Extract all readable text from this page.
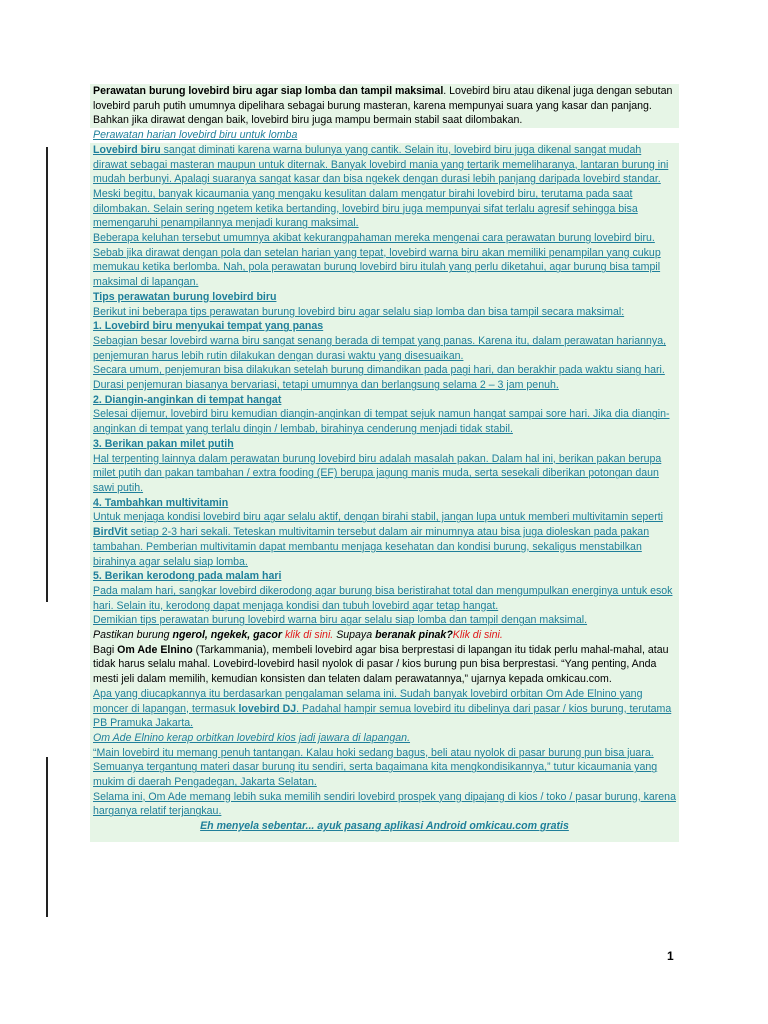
Perawatan burung lovebird biru agar siap lomba dan tampil maksimal. Lovebird biru atau dikenal juga dengan sebutan lovebird paruh putih umumnya dipelihara sebagai burung masteran, karena mempunyai suara yang kasar dan panjang. Bahkan jika dirawat dengan baik, lovebird biru juga mampu bermain stabil saat dilombakan.

Perawatan harian lovebird biru untuk lomba

Lovebird biru sangat diminati karena warna bulunya yang cantik. Selain itu, lovebird biru juga dikenal sangat mudah dirawat sebagai masteran maupun untuk diternak. Banyak lovebird mania yang tertarik memeliharanya, lantaran burung ini mudah berbunyi. Apalagi suaranya sangat kasar dan bisa ngekek dengan durasi lebih panjang daripada lovebird standar.

Meski begitu, banyak kicaumania yang mengaku kesulitan dalam mengatur birahi lovebird biru, terutama pada saat dilombakan. Selain sering ngetem ketika bertanding, lovebird biru juga mempunyai sifat terlalu agresif sehingga bisa memengaruhi penampilannya menjadi kurang maksimal.

Beberapa keluhan tersebut umumnya akibat kekurangpahaman mereka mengenai cara perawatan burung lovebird biru. Sebab jika dirawat dengan pola dan setelan harian yang tepat, lovebird warna biru akan memiliki penampilan yang cukup memukau ketika berlomba. Nah, pola perawatan burung lovebird biru itulah yang perlu diketahui, agar burung bisa tampil maksimal di lapangan.

Tips perawatan burung lovebird biru

Berikut ini beberapa tips perawatan burung lovebird biru agar selalu siap lomba dan bisa tampil secara maksimal:

1. Lovebird biru menyukai tempat yang panas

Sebagian besar lovebird warna biru sangat senang berada di tempat yang panas. Karena itu, dalam perawatan hariannya, penjemuran harus lebih rutin dilakukan dengan durasi waktu yang disesuaikan.

Secara umum, penjemuran bisa dilakukan setelah burung dimandikan pada pagi hari, dan berakhir pada waktu siang hari. Durasi penjemuran biasanya bervariasi, tetapi umumnya dan berlangsung selama 2 – 3 jam penuh.

2. Diangin-anginkan di tempat hangat

Selesai dijemur, lovebird biru kemudian diangin-anginkan di tempat sejuk namun hangat sampai sore hari. Jika dia diangin-anginkan di tempat yang terlalu dingin / lembab, birahinya cenderung menjadi tidak stabil.

3. Berikan pakan milet putih

Hal terpenting lainnya dalam perawatan burung lovebird biru adalah masalah pakan. Dalam hal ini, berikan pakan berupa milet putih dan pakan tambahan / extra fooding (EF) berupa jagung manis muda, serta sesekali diberikan potongan daun sawi putih.

4. Tambahkan multivitamin

Untuk menjaga kondisi lovebird biru agar selalu aktif, dengan birahi stabil, jangan lupa untuk memberi multivitamin seperti BirdVit setiap 2-3 hari sekali. Teteskan multivitamin tersebut dalam air minumnya atau bisa juga dioleskan pada pakan tambahan. Pemberian multivitamin dapat membantu menjaga kesehatan dan kondisi burung, sekaligus menstabilkan birahinya agar selalu siap lomba.

5. Berikan kerodong pada malam hari

Pada malam hari, sangkar lovebird dikerodong agar burung bisa beristirahat total dan mengumpulkan energinya untuk esok hari. Selain itu, kerodong dapat menjaga kondisi dan tubuh lovebird agar tetap hangat.

Demikian tips perawatan burung lovebird warna biru agar selalu siap lomba dan tampil dengan maksimal.

Pastikan burung ngerol, ngekek, gacor klik di sini. Supaya beranak pinak?Klik di sini.

Bagi Om Ade Elnino (Tarkammania), membeli lovebird agar bisa berprestasi di lapangan itu tidak perlu mahal-mahal, atau tidak harus selalu mahal. Lovebird-lovebird hasil nyolok di pasar / kios burung pun bisa berprestasi. “Yang penting, Anda mesti jeli dalam memilih, kemudian konsisten dan telaten dalam perawatannya,” ujarnya kepada omkicau.com.

Apa yang diucapkannya itu berdasarkan pengalaman selama ini. Sudah banyak lovebird orbitan Om Ade Elnino yang moncer di lapangan, termasuk lovebird DJ. Padahal hampir semua lovebird itu dibelinya dari pasar / kios burung, terutama PB Pramuka Jakarta.

Om Ade Elnino kerap orbitkan lovebird kios jadi jawara di lapangan.

“Main lovebird itu memang penuh tantangan. Kalau hoki sedang bagus, beli atau nyolok di pasar burung pun bisa juara. Semuanya tergantung materi dasar burung itu sendiri, serta bagaimana kita mengkondisikannya,” tutur kicaumania yang mukim di daerah Pengadegan, Jakarta Selatan.

Selama ini, Om Ade memang lebih suka memilih sendiri lovebird prospek yang dipajang di kios / toko / pasar burung, karena harganya relatif terjangkau.

Eh menyela sebentar... ayuk pasang aplikasi Android omkicau.com gratis

1
